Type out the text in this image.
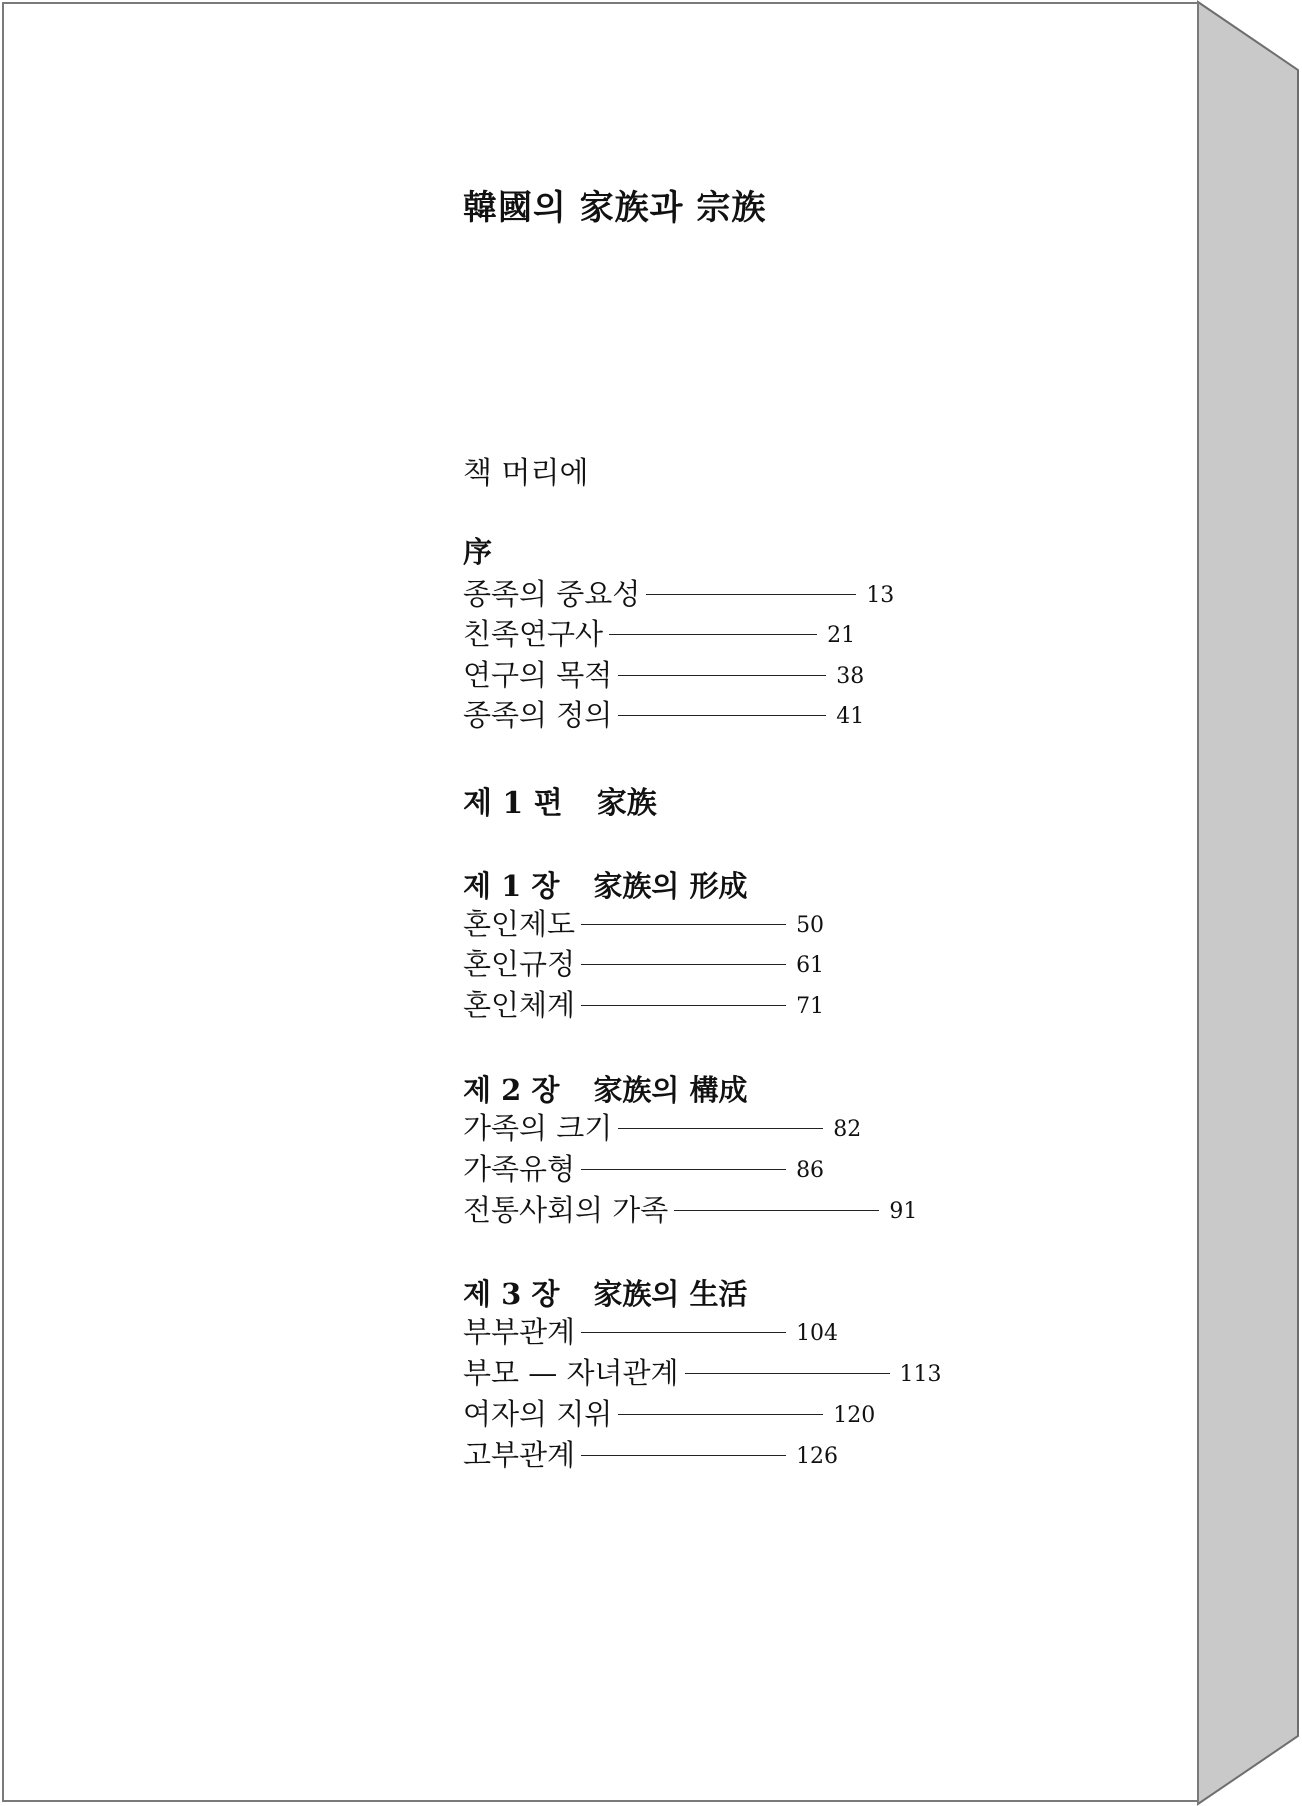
韓國의 家族과 宗族
책 머리에
序
종족의 중요성	13
친족연구사	21
연구의 목적	38
종족의 정의	41
제 1 편 家族
제 1 장 家族의 形成
혼인제도	50
혼인규정	61
혼인체계	71
제 2 장 家族의 構成
가족의 크기	82
가족유형	86
전통사회의 가족	91
제 3 장 家族의 生活
부부관계	104
부모 — 자녀관계	113
여자의 지위	120
고부관계	126
